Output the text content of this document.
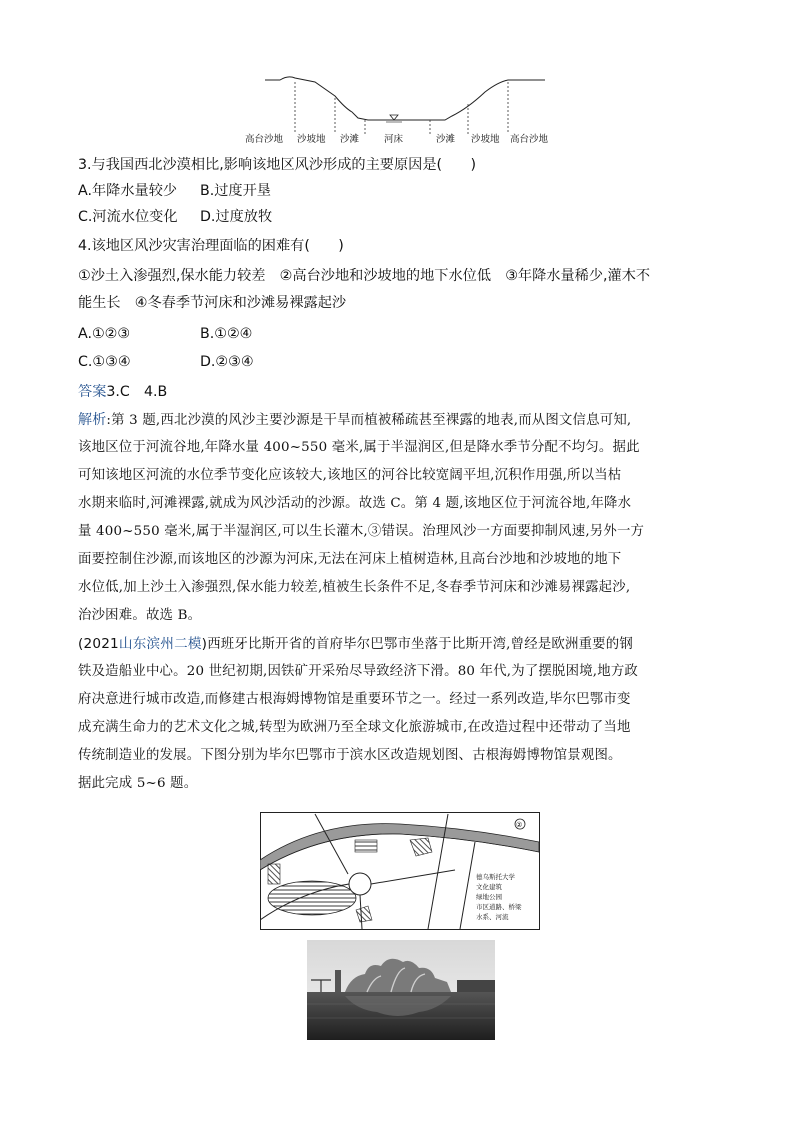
高台沙地 沙坡地 沙滩	河床	沙滩 沙坡地 高台沙地
3.与我国西北沙漠相比,影响该地区风沙形成的主要原因是(　　)
A.年降水量较少 B.过度开垦
C.河流水位变化 D.过度放牧
4.该地区风沙灾害治理面临的困难有(　　)
①沙土入渗强烈,保水能力较差　②高台沙地和沙坡地的地下水位低　③年降水量稀少,灌木不
能生长　④冬春季节河床和沙滩易裸露起沙
A.①②③	B.①②④
C.①③④	D.②③④
答案3.C　4.B
解析:第 3 题,西北沙漠的风沙主要沙源是干旱而植被稀疏甚至裸露的地表,而从图文信息可知,
该地区位于河流谷地,年降水量 400~550 毫米,属于半湿润区,但是降水季节分配不均匀。据此
可知该地区河流的水位季节变化应该较大,该地区的河谷比较宽阔平坦,沉积作用强,所以当枯
水期来临时,河滩裸露,就成为风沙活动的沙源。故选 C。第 4 题,该地区位于河流谷地,年降水
量 400~550 毫米,属于半湿润区,可以生长灌木,③错误。治理风沙一方面要抑制风速,另外一方
面要控制住沙源,而该地区的沙源为河床,无法在河床上植树造林,且高台沙地和沙坡地的地下
水位低,加上沙土入渗强烈,保水能力较差,植被生长条件不足,冬春季节河床和沙滩易裸露起沙,
治沙困难。故选 B。
(2021山东滨州二模)西班牙比斯开省的首府毕尔巴鄂市坐落于比斯开湾,曾经是欧洲重要的钢
铁及造船业中心。20 世纪初期,因铁矿开采殆尽导致经济下滑。80 年代,为了摆脱困境,地方政
府决意进行城市改造,而修建古根海姆博物馆是重要环节之一。经过一系列改造,毕尔巴鄂市变
成充满生命力的艺术文化之城,转型为欧洲乃至全球文化旅游城市,在改造过程中还带动了当地
传统制造业的发展。下图分别为毕尔巴鄂市于滨水区改造规划图、古根海姆博物馆景观图。
据此完成 5~6 题。
②
德乌斯托大学
文化建筑
绿地公园
市区道路、桥梁
水系、河流
